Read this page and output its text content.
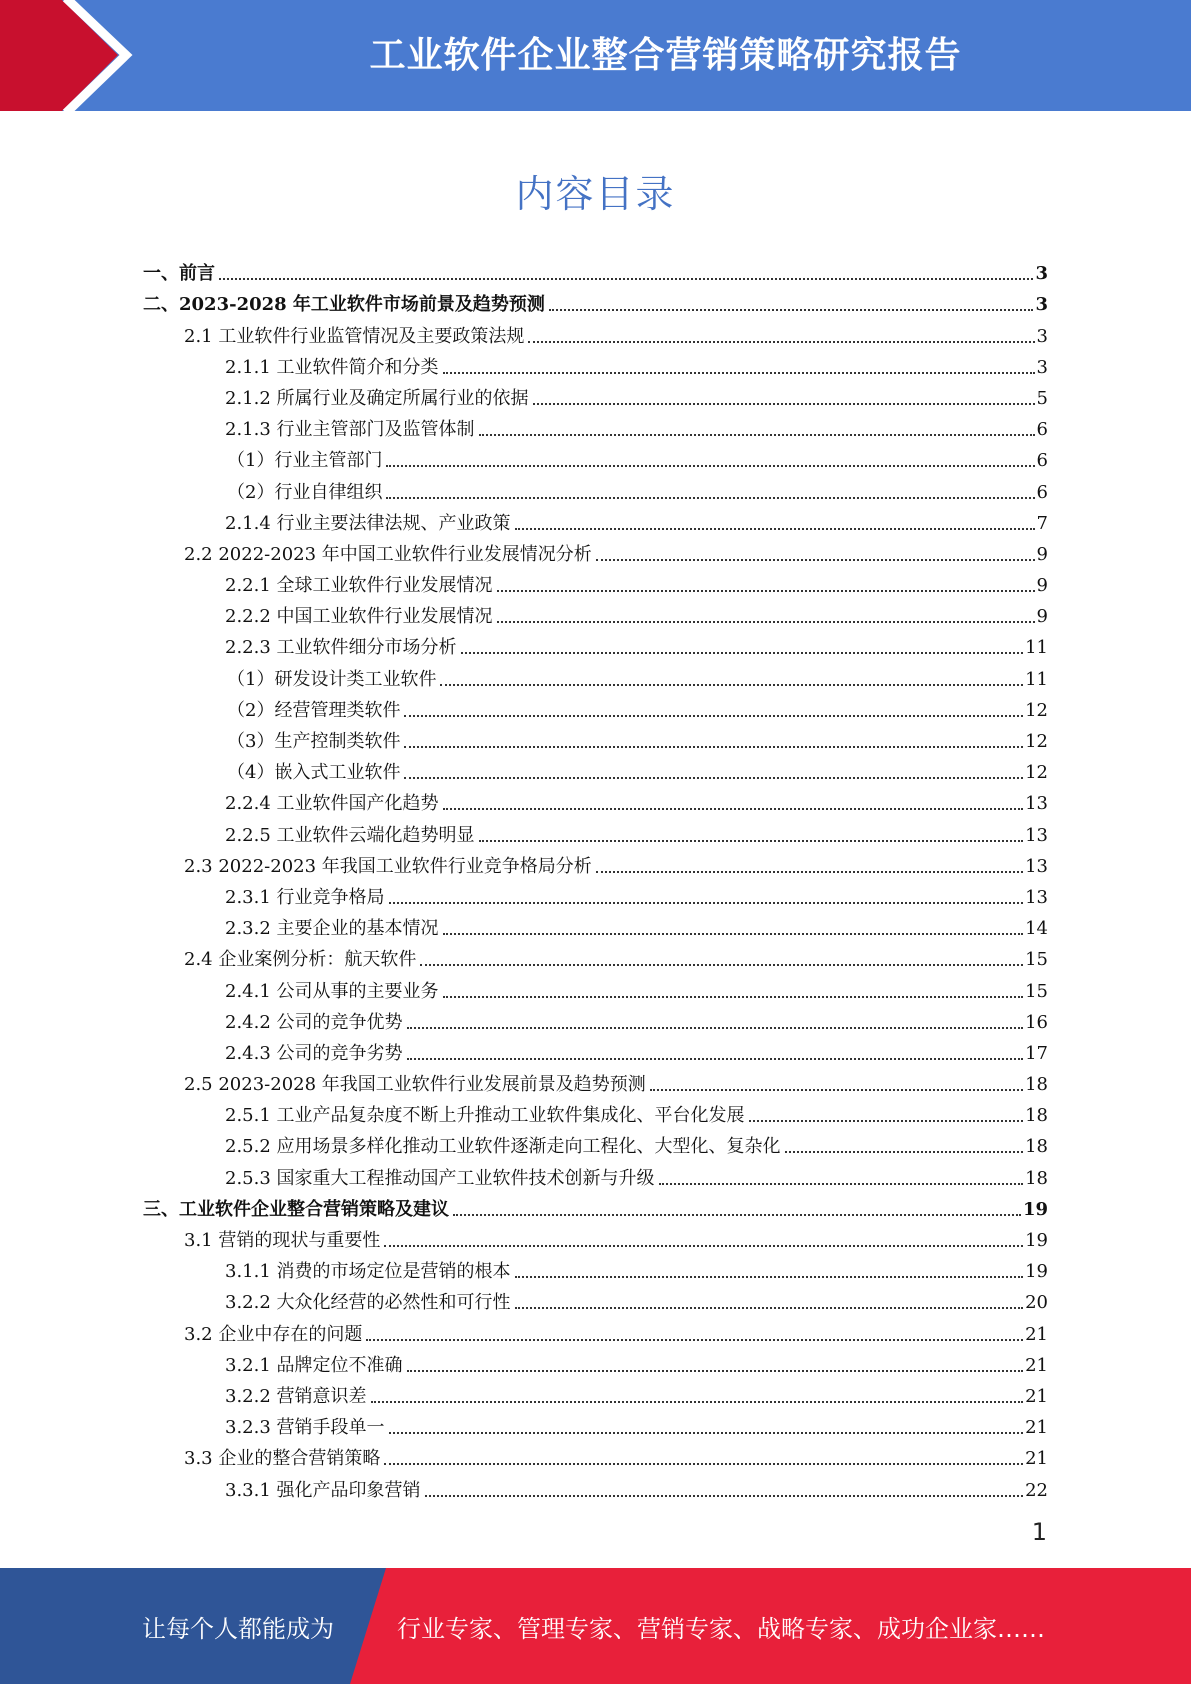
工业软件企业整合营销策略研究报告
内容目录
一、前言	3
二、2023-2028 年工业软件市场前景及趋势预测	3
2.1 工业软件行业监管情况及主要政策法规	3
2.1.1 工业软件简介和分类	3
2.1.2 所属行业及确定所属行业的依据	5
2.1.3 行业主管部门及监管体制	6
（1）行业主管部门	6
（2）行业自律组织	6
2.1.4 行业主要法律法规、产业政策	7
2.2 2022-2023 年中国工业软件行业发展情况分析	9
2.2.1 全球工业软件行业发展情况	9
2.2.2 中国工业软件行业发展情况	9
2.2.3 工业软件细分市场分析	11
（1）研发设计类工业软件	11
（2）经营管理类软件	12
（3）生产控制类软件	12
（4）嵌入式工业软件	12
2.2.4 工业软件国产化趋势	13
2.2.5 工业软件云端化趋势明显	13
2.3 2022-2023 年我国工业软件行业竞争格局分析	13
2.3.1 行业竞争格局	13
2.3.2 主要企业的基本情况	14
2.4 企业案例分析：航天软件	15
2.4.1 公司从事的主要业务	15
2.4.2 公司的竞争优势	16
2.4.3 公司的竞争劣势	17
2.5 2023-2028 年我国工业软件行业发展前景及趋势预测	18
2.5.1 工业产品复杂度不断上升推动工业软件集成化、平台化发展	18
2.5.2 应用场景多样化推动工业软件逐渐走向工程化、大型化、复杂化	18
2.5.3 国家重大工程推动国产工业软件技术创新与升级	18
三、工业软件企业整合营销策略及建议	19
3.1 营销的现状与重要性	19
3.1.1 消费的市场定位是营销的根本	19
3.2.2 大众化经营的必然性和可行性	20
3.2 企业中存在的问题	21
3.2.1 品牌定位不准确	21
3.2.2 营销意识差	21
3.2.3 营销手段单一	21
3.3 企业的整合营销策略	21
3.3.1 强化产品印象营销	22
1
让每个人都能成为	行业专家、管理专家、营销专家、战略专家、成功企业家……
